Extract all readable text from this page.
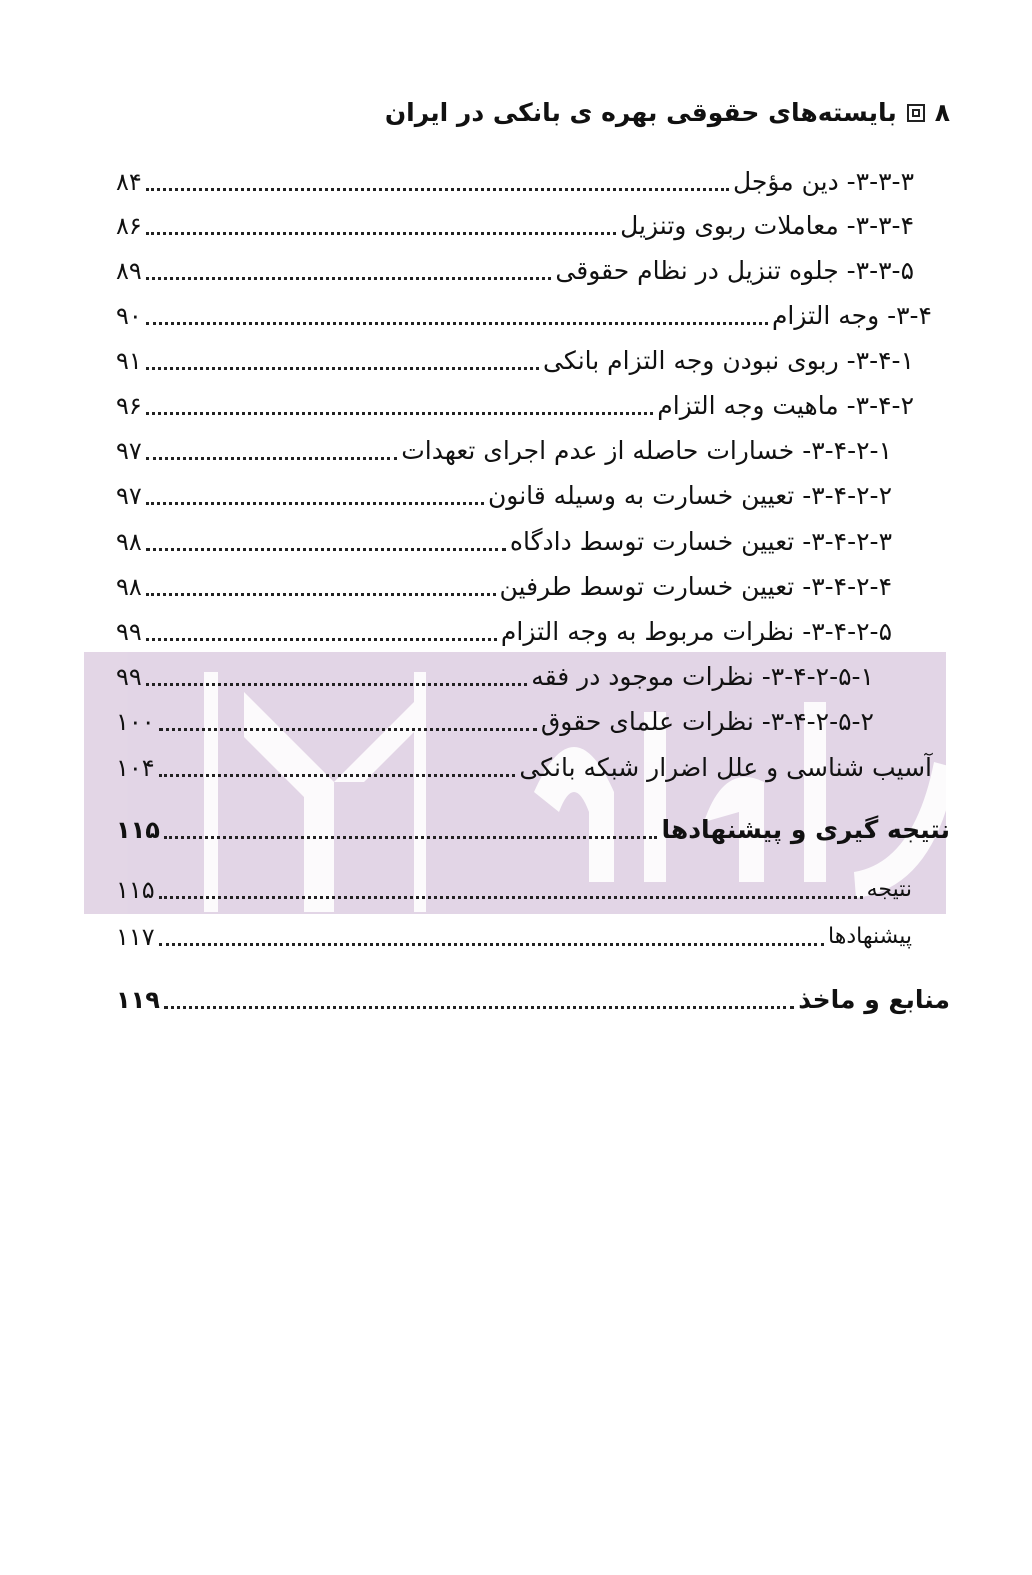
۸
بایسته‌های حقوقی بهره ی بانکی در ایران
۳-۳-۳- دین مؤجل
۸۴
۳-۳-۴- معاملات ربوی وتنزیل
۸۶
۳-۳-۵- جلوه تنزیل در نظام حقوقی
۸۹
۳-۴- وجه التزام
۹۰
۳-۴-۱- ربوی نبودن وجه التزام بانکی
۹۱
۳-۴-۲- ماهیت وجه التزام
۹۶
۳-۴-۲-۱- خسارات حاصله از عدم اجرای تعهدات
۹۷
۳-۴-۲-۲- تعیین خسارت به وسیله قانون
۹۷
۳-۴-۲-۳- تعیین خسارت توسط دادگاه
۹۸
۳-۴-۲-۴- تعیین خسارت توسط طرفین
۹۸
۳-۴-۲-۵- نظرات مربوط به وجه التزام
۹۹
۳-۴-۲-۵-۱- نظرات موجود در فقه
۹۹
۳-۴-۲-۵-۲- نظرات علمای حقوق
۱۰۰
آسیب شناسی و علل اضرار شبکه بانکی
۱۰۴
نتیجه گیری و پیشنهادها
۱۱۵
نتیجه
۱۱۵
پیشنهادها
۱۱۷
منابع و ماخذ
۱۱۹
